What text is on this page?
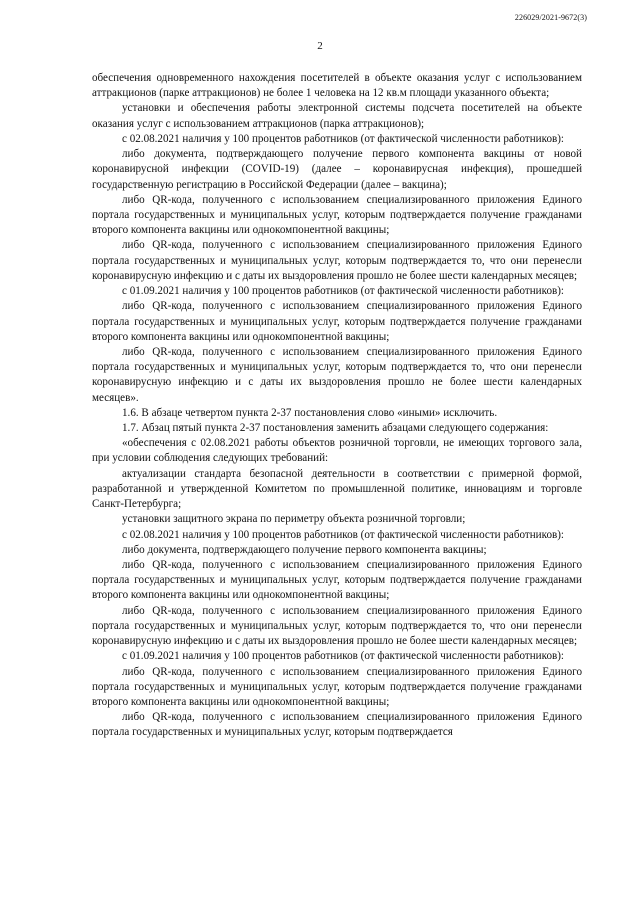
226029/2021-9672(3)
2

обеспечения одновременного нахождения посетителей в объекте оказания услуг с использованием аттракционов (парке аттракционов) не более 1 человека на 12 кв.м площади указанного объекта;

установки и обеспечения работы электронной системы подсчета посетителей на объекте оказания услуг с использованием аттракционов (парка аттракционов);

с 02.08.2021 наличия у 100 процентов работников (от фактической численности работников):

либо документа, подтверждающего получение первого компонента вакцины от новой коронавирусной инфекции (COVID-19) (далее – коронавирусная инфекция), прошедшей государственную регистрацию в Российской Федерации (далее – вакцина);

либо QR-кода, полученного с использованием специализированного приложения Единого портала государственных и муниципальных услуг, которым подтверждается получение гражданами второго компонента вакцины или однокомпонентной вакцины;

либо QR-кода, полученного с использованием специализированного приложения Единого портала государственных и муниципальных услуг, которым подтверждается то, что они перенесли коронавирусную инфекцию и с даты их выздоровления прошло не более шести календарных месяцев;

с 01.09.2021 наличия у 100 процентов работников (от фактической численности работников):

либо QR-кода, полученного с использованием специализированного приложения Единого портала государственных и муниципальных услуг, которым подтверждается получение гражданами второго компонента вакцины или однокомпонентной вакцины;

либо QR-кода, полученного с использованием специализированного приложения Единого портала государственных и муниципальных услуг, которым подтверждается то, что они перенесли коронавирусную инфекцию и с даты их выздоровления прошло не более шести календарных месяцев».

1.6. В абзаце четвертом пункта 2-37 постановления слово «иными» исключить.

1.7. Абзац пятый пункта 2-37 постановления заменить абзацами следующего содержания:

«обеспечения с 02.08.2021 работы объектов розничной торговли, не имеющих торгового зала, при условии соблюдения следующих требований:

актуализации стандарта безопасной деятельности в соответствии с примерной формой, разработанной и утвержденной Комитетом по промышленной политике, инновациям и торговле Санкт-Петербурга;

установки защитного экрана по периметру объекта розничной торговли;

с 02.08.2021 наличия у 100 процентов работников (от фактической численности работников):

либо документа, подтверждающего получение первого компонента вакцины;

либо QR-кода, полученного с использованием специализированного приложения Единого портала государственных и муниципальных услуг, которым подтверждается получение гражданами второго компонента вакцины или однокомпонентной вакцины;

либо QR-кода, полученного с использованием специализированного приложения Единого портала государственных и муниципальных услуг, которым подтверждается то, что они перенесли коронавирусную инфекцию и с даты их выздоровления прошло не более шести календарных месяцев;

с 01.09.2021 наличия у 100 процентов работников (от фактической численности работников):

либо QR-кода, полученного с использованием специализированного приложения Единого портала государственных и муниципальных услуг, которым подтверждается получение гражданами второго компонента вакцины или однокомпонентной вакцины;

либо QR-кода, полученного с использованием специализированного приложения Единого портала государственных и муниципальных услуг, которым подтверждается
